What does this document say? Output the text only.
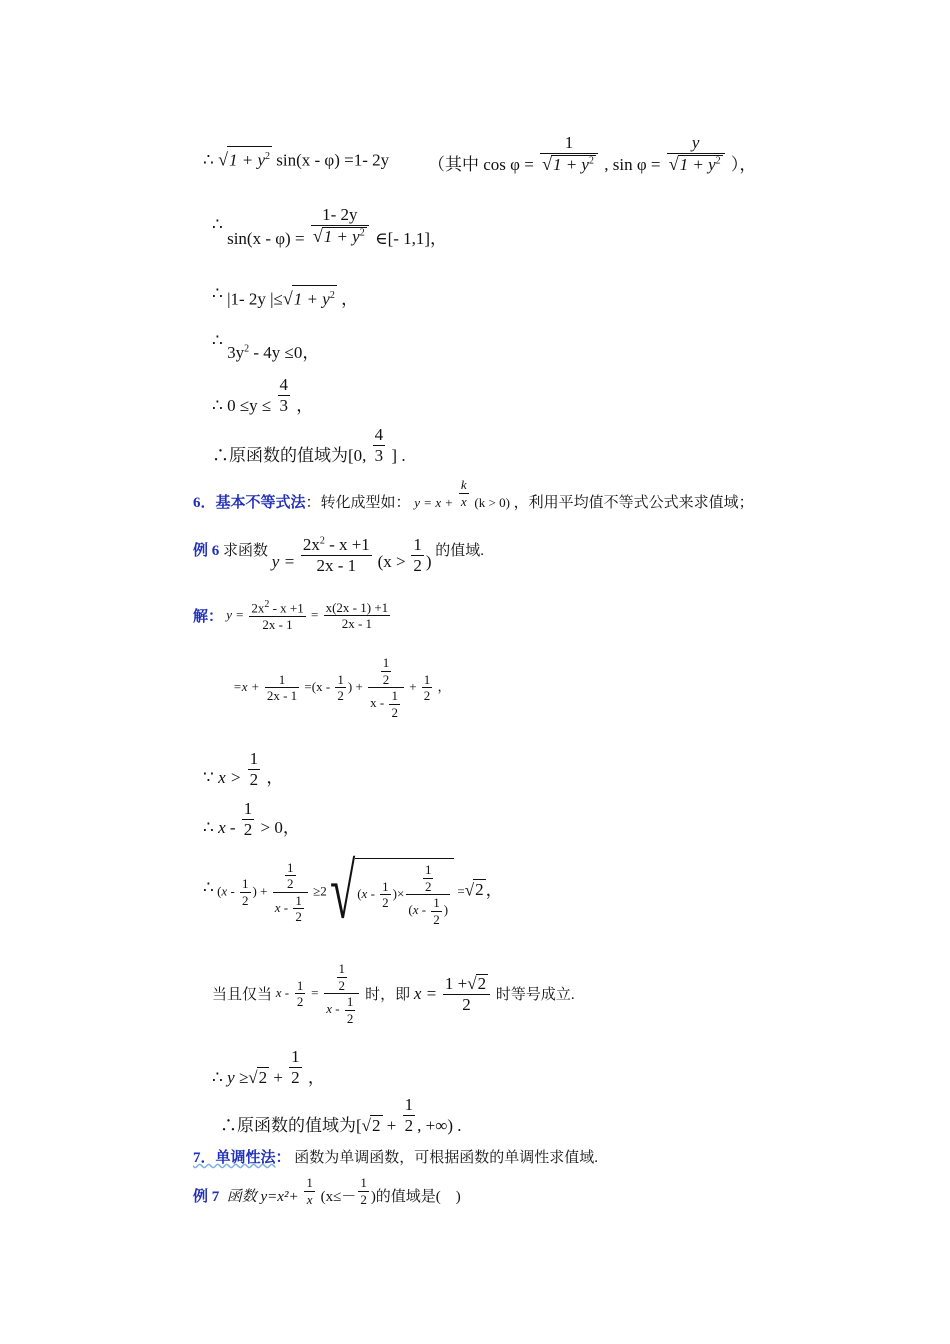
∴ $√1 + y^2$ sin(x - φ) =1- 2y （其中 $\cos \varphi = \frac{1}{√1 + y^2}$ , $\sin \varphi = \frac{y}{√1 + y^2}$ ），
∴ $\sin(x - \varphi) = \frac{1- 2y}{√1 + y^2}$ ∈[- 1,1]，
∴ |1- 2y $|\le√1 + y^2$ ，
∴ $3y^2 - 4y \le 0$，
∴ $0 \le y \le \frac{4}{3}$ ，
∴原函数的值域为[0, $\frac{4}{3}$ ] .
6．基本不等式法：转化成型如： $y = x + \frac{k}{x} (k > 0)$ ，利用平均值不等式公式来求值域；
例 6 求函数 $y = \frac{2x^2 - x +1}{2x - 1} (x > \frac{1}{2}$ ) 的值域.
解： $y = \frac{2x^2 - x +1}{2x - 1} = \frac{x(2x - 1) +1}{2x - 1}$
$=x + \frac{1}{2x - 1} =(x - \frac{1}{2}$ ) + $\frac{\frac{1}{2}}{x - \frac{1}{2}} + \frac{1}{2}$ ，
∵ $x > \frac{1}{2}$ ，
∴ $x - \frac{1}{2} > 0$，
∴ ($x - \frac{1}{2}$ ) + $\frac{\frac{1}{2}}{x - \frac{1}{2}} \ge 2$ $√(x - \frac{1}{2}$ )× $\frac{\frac{1}{2}}{(x - \frac{1}{2} )} =√2$ ，
当且仅当 $x - \frac{1}{2} = \frac{\frac{1}{2}}{x - \frac{1}{2}}$ 时，即 $x = \frac{1 +√2}{2}$ 时等号成立.
∴ $y \ge√2 + \frac{1}{2}$ ，
∴原函数的值域为[$√2 + \frac{1}{2}$ , +∞) .
7．单调性法： 函数为单调函数，可根据函数的单调性求值域.
例 7 函数 $y=x^2+ \frac{1}{x} (x\le- \frac{1}{2}$ )的值域是(　)
